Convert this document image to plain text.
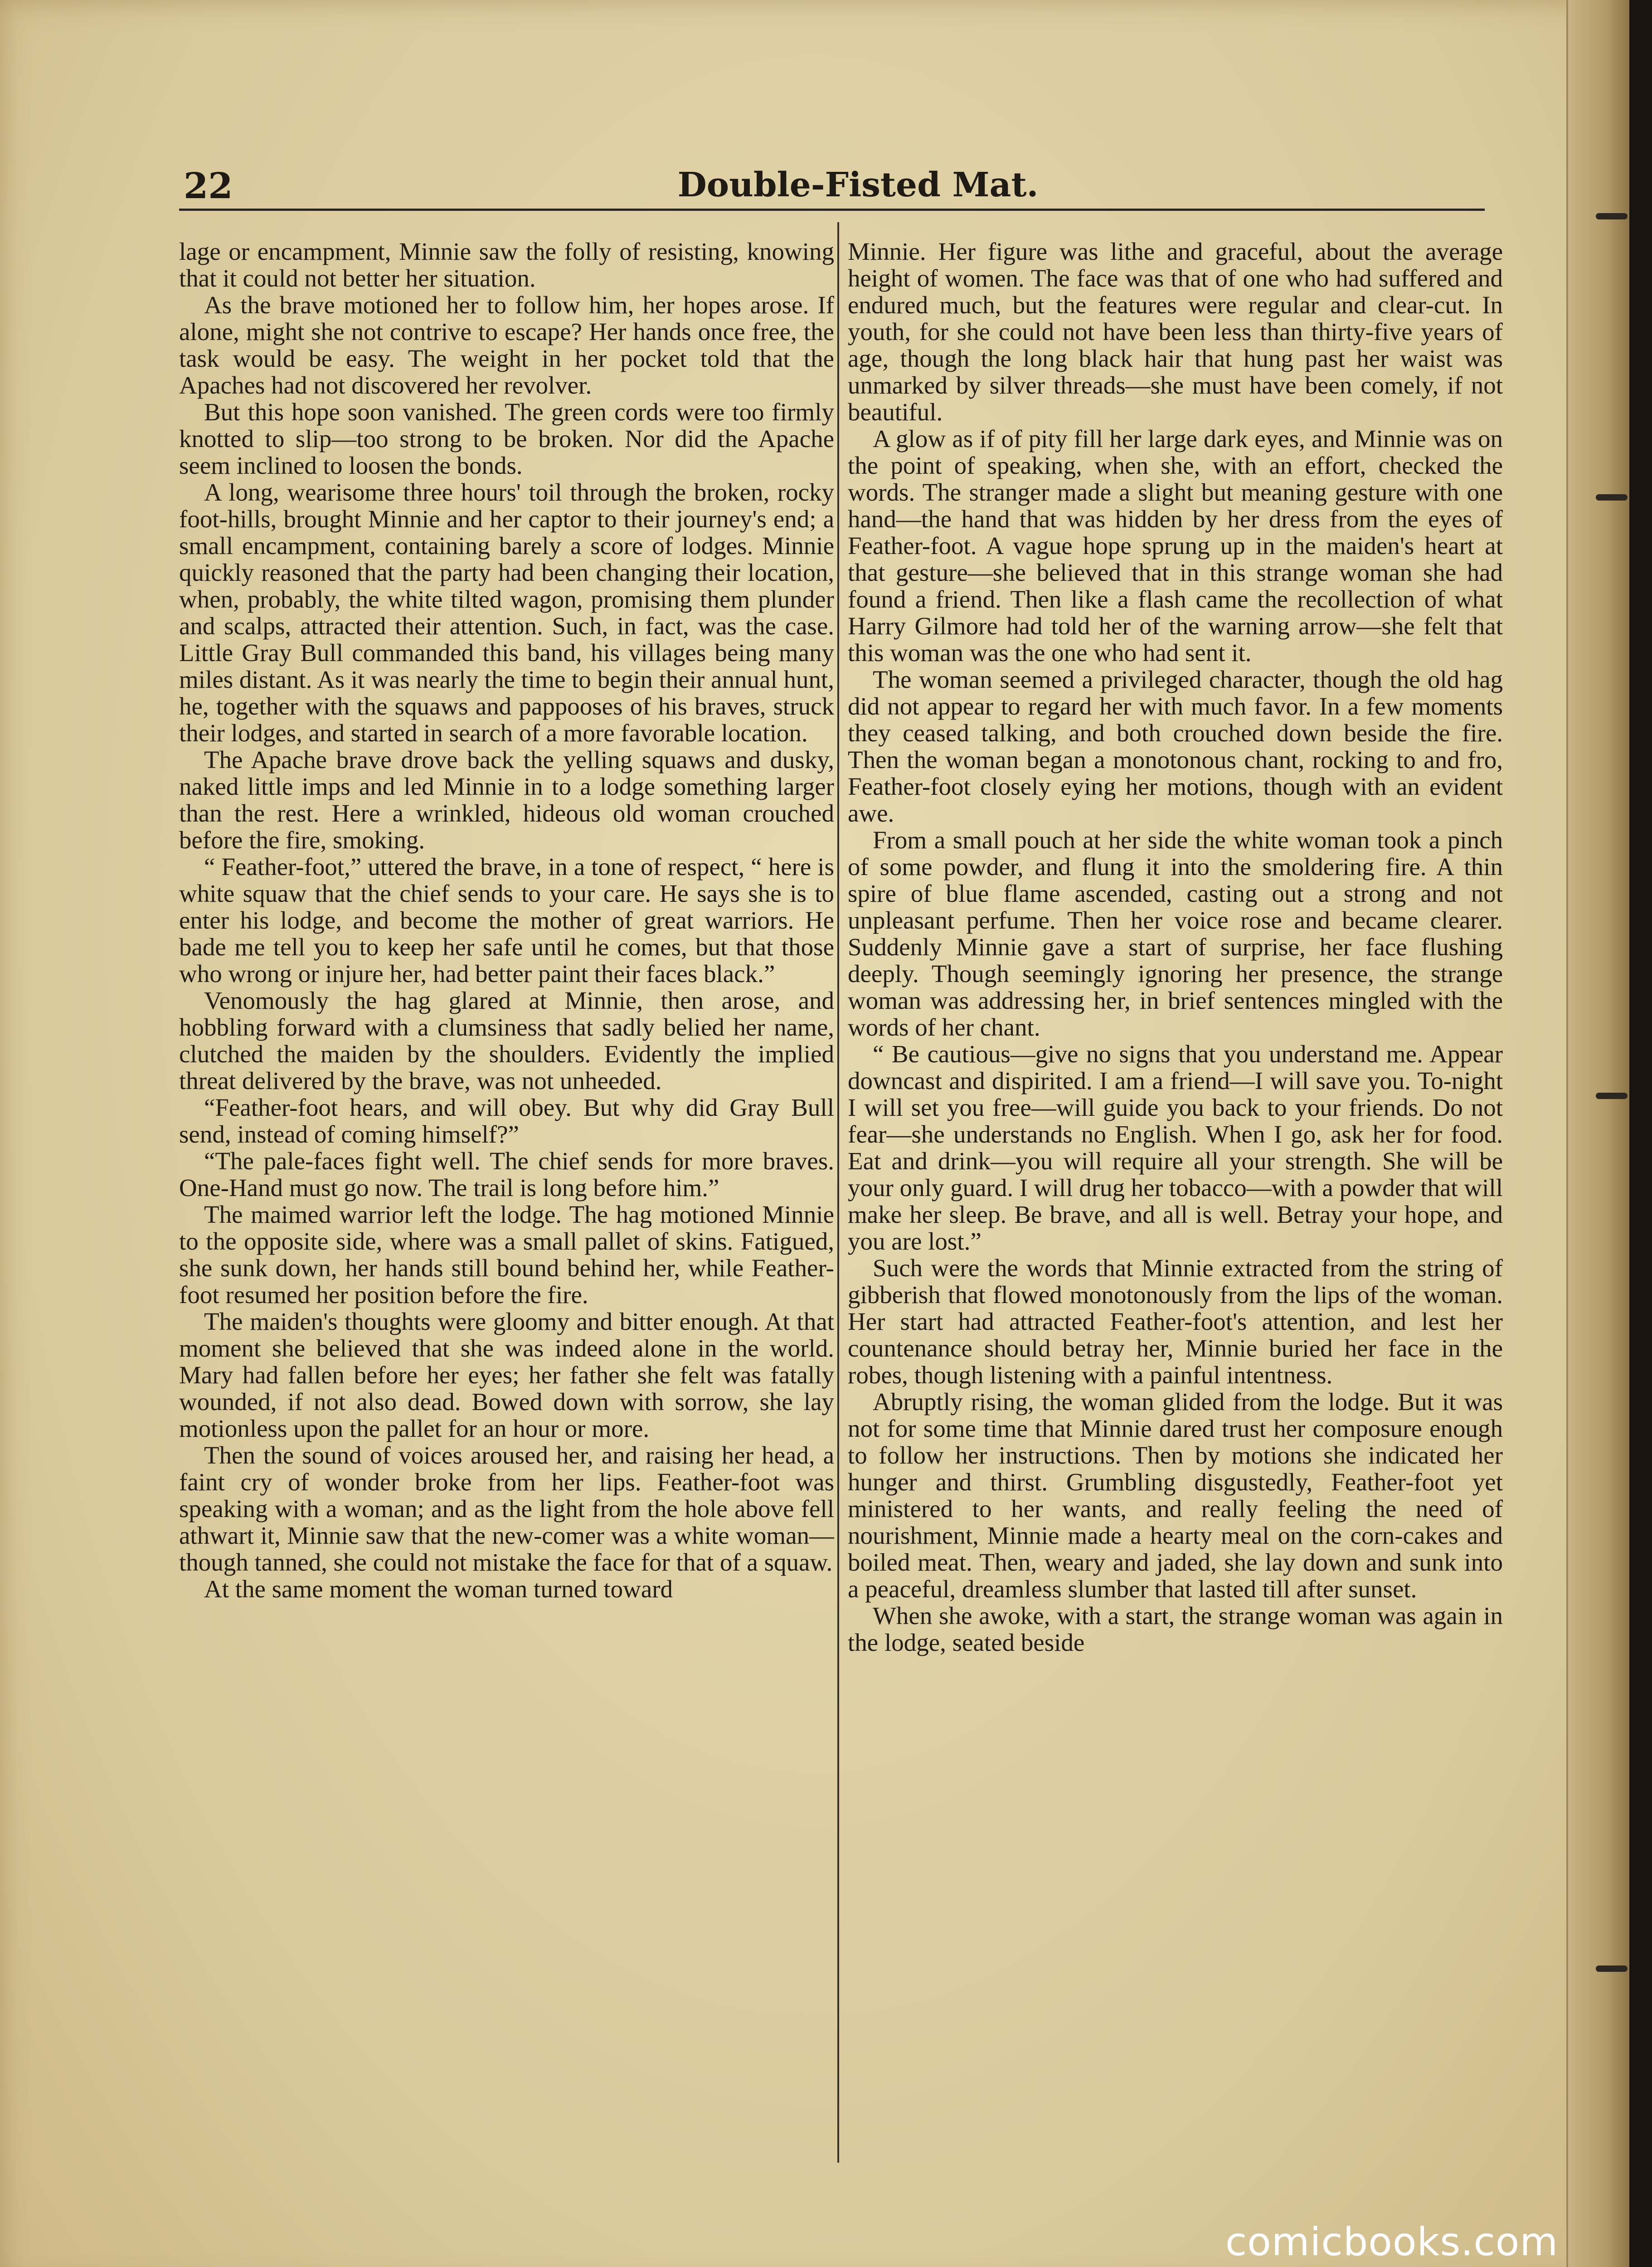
22	Double-Fisted Mat.

lage or encampment, Minnie saw the folly of resisting, knowing that it could not better her situation.

As the brave motioned her to follow him, her hopes arose. If alone, might she not contrive to escape? Her hands once free, the task would be easy. The weight in her pocket told that the Apaches had not discovered her revolver.

But this hope soon vanished. The green cords were too firmly knotted to slip—too strong to be broken. Nor did the Apache seem inclined to loosen the bonds.

A long, wearisome three hours' toil through the broken, rocky foot-hills, brought Minnie and her captor to their journey's end; a small encampment, containing barely a score of lodges. Minnie quickly reasoned that the party had been changing their location, when, probably, the white tilted wagon, promising them plunder and scalps, attracted their attention. Such, in fact, was the case. Little Gray Bull commanded this band, his villages being many miles distant. As it was nearly the time to begin their annual hunt, he, together with the squaws and pappooses of his braves, struck their lodges, and started in search of a more favorable location.

The Apache brave drove back the yelling squaws and dusky, naked little imps and led Minnie in to a lodge something larger than the rest. Here a wrinkled, hideous old woman crouched before the fire, smoking.

“ Feather-foot,” uttered the brave, in a tone of respect, “ here is white squaw that the chief sends to your care. He says she is to enter his lodge, and become the mother of great warriors. He bade me tell you to keep her safe until he comes, but that those who wrong or injure her, had better paint their faces black.”

Venomously the hag glared at Minnie, then arose, and hobbling forward with a clumsiness that sadly belied her name, clutched the maiden by the shoulders. Evidently the implied threat delivered by the brave, was not unheeded.

“Feather-foot hears, and will obey. But why did Gray Bull send, instead of coming himself?”

“The pale-faces fight well. The chief sends for more braves. One-Hand must go now. The trail is long before him.”

The maimed warrior left the lodge. The hag motioned Minnie to the opposite side, where was a small pallet of skins. Fatigued, she sunk down, her hands still bound behind her, while Feather-foot resumed her position before the fire.

The maiden's thoughts were gloomy and bitter enough. At that moment she believed that she was indeed alone in the world. Mary had fallen before her eyes; her father she felt was fatally wounded, if not also dead. Bowed down with sorrow, she lay motionless upon the pallet for an hour or more.

Then the sound of voices aroused her, and raising her head, a faint cry of wonder broke from her lips. Feather-foot was speaking with a woman; and as the light from the hole above fell athwart it, Minnie saw that the new-comer was a white woman—though tanned, she could not mistake the face for that of a squaw.

At the same moment the woman turned toward

Minnie. Her figure was lithe and graceful, about the average height of women. The face was that of one who had suffered and endured much, but the features were regular and clear-cut. In youth, for she could not have been less than thirty-five years of age, though the long black hair that hung past her waist was unmarked by silver threads—she must have been comely, if not beautiful.

A glow as if of pity fill her large dark eyes, and Minnie was on the point of speaking, when she, with an effort, checked the words. The stranger made a slight but meaning gesture with one hand—the hand that was hidden by her dress from the eyes of Feather-foot. A vague hope sprung up in the maiden's heart at that gesture—she believed that in this strange woman she had found a friend. Then like a flash came the recollection of what Harry Gilmore had told her of the warning arrow—she felt that this woman was the one who had sent it.

The woman seemed a privileged character, though the old hag did not appear to regard her with much favor. In a few moments they ceased talking, and both crouched down beside the fire. Then the woman began a monotonous chant, rocking to and fro, Feather-foot closely eying her motions, though with an evident awe.

From a small pouch at her side the white woman took a pinch of some powder, and flung it into the smoldering fire. A thin spire of blue flame ascended, casting out a strong and not unpleasant perfume. Then her voice rose and became clearer. Suddenly Minnie gave a start of surprise, her face flushing deeply. Though seemingly ignoring her presence, the strange woman was addressing her, in brief sentences mingled with the words of her chant.

“ Be cautious—give no signs that you understand me. Appear downcast and dispirited. I am a friend—I will save you. To-night I will set you free—will guide you back to your friends. Do not fear—she understands no English. When I go, ask her for food. Eat and drink—you will require all your strength. She will be your only guard. I will drug her tobacco—with a powder that will make her sleep. Be brave, and all is well. Betray your hope, and you are lost.”

Such were the words that Minnie extracted from the string of gibberish that flowed monotonously from the lips of the woman. Her start had attracted Feather-foot's attention, and lest her countenance should betray her, Minnie buried her face in the robes, though listening with a painful intentness.

Abruptly rising, the woman glided from the lodge. But it was not for some time that Minnie dared trust her composure enough to follow her instructions. Then by motions she indicated her hunger and thirst. Grumbling disgustedly, Feather-foot yet ministered to her wants, and really feeling the need of nourishment, Minnie made a hearty meal on the corn-cakes and boiled meat. Then, weary and jaded, she lay down and sunk into a peaceful, dreamless slumber that lasted till after sunset.

When she awoke, with a start, the strange woman was again in the lodge, seated beside

comicbooks.com
